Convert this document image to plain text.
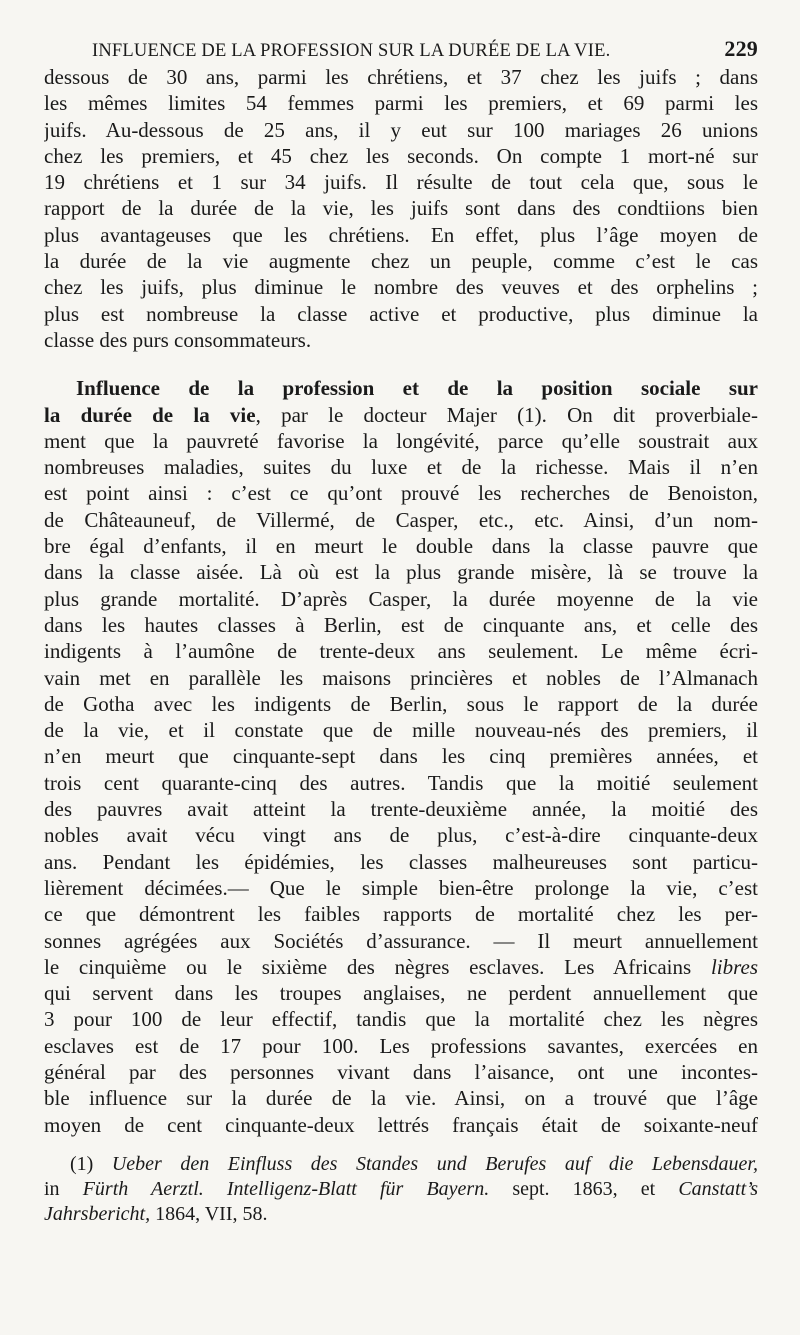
INFLUENCE DE LA PROFESSION SUR LA DURÉE DE LA VIE.	229
dessous de 30 ans, parmi les chrétiens, et 37 chez les juifs ; dans
les mêmes limites 54 femmes parmi les premiers, et 69 parmi les
juifs. Au-dessous de 25 ans, il y eut sur 100 mariages 26 unions
chez les premiers, et 45 chez les seconds. On compte 1 mort-né sur
19 chrétiens et 1 sur 34 juifs. Il résulte de tout cela que, sous le
rapport de la durée de la vie, les juifs sont dans des condtiions bien
plus avantageuses que les chrétiens. En effet, plus l’âge moyen de
la durée de la vie augmente chez un peuple, comme c’est le cas
chez les juifs, plus diminue le nombre des veuves et des orphelins ;
plus est nombreuse la classe active et productive, plus diminue la
classe des purs consommateurs.
Influence de la profession et de la position sociale sur
la durée de la vie, par le docteur Majer (1). On dit proverbiale-
ment que la pauvreté favorise la longévité, parce qu’elle soustrait aux
nombreuses maladies, suites du luxe et de la richesse. Mais il n’en
est point ainsi : c’est ce qu’ont prouvé les recherches de Benoiston,
de Châteauneuf, de Villermé, de Casper, etc., etc. Ainsi, d’un nom-
bre égal d’enfants, il en meurt le double dans la classe pauvre que
dans la classe aisée. Là où est la plus grande misère, là se trouve la
plus grande mortalité. D’après Casper, la durée moyenne de la vie
dans les hautes classes à Berlin, est de cinquante ans, et celle des
indigents à l’aumône de trente-deux ans seulement. Le même écri-
vain met en parallèle les maisons princières et nobles de l’Almanach
de Gotha avec les indigents de Berlin, sous le rapport de la durée
de la vie, et il constate que de mille nouveau-nés des premiers, il
n’en meurt que cinquante-sept dans les cinq premières années, et
trois cent quarante-cinq des autres. Tandis que la moitié seulement
des pauvres avait atteint la trente-deuxième année, la moitié des
nobles avait vécu vingt ans de plus, c’est-à-dire cinquante-deux
ans. Pendant les épidémies, les classes malheureuses sont particu-
lièrement décimées.— Que le simple bien-être prolonge la vie, c’est
ce que démontrent les faibles rapports de mortalité chez les per-
sonnes agrégées aux Sociétés d’assurance. — Il meurt annuellement
le cinquième ou le sixième des nègres esclaves. Les Africains libres
qui servent dans les troupes anglaises, ne perdent annuellement que
3 pour 100 de leur effectif, tandis que la mortalité chez les nègres
esclaves est de 17 pour 100. Les professions savantes, exercées en
général par des personnes vivant dans l’aisance, ont une incontes-
ble influence sur la durée de la vie. Ainsi, on a trouvé que l’âge
moyen de cent cinquante-deux lettrés français était de soixante-neuf
(1) Ueber den Einfluss des Standes und Berufes auf die Lebensdauer,
in Fürth Aerztl. Intelligenz-Blatt für Bayern. sept. 1863, et Canstatt’s
Jahrsbericht, 1864, VII, 58.
